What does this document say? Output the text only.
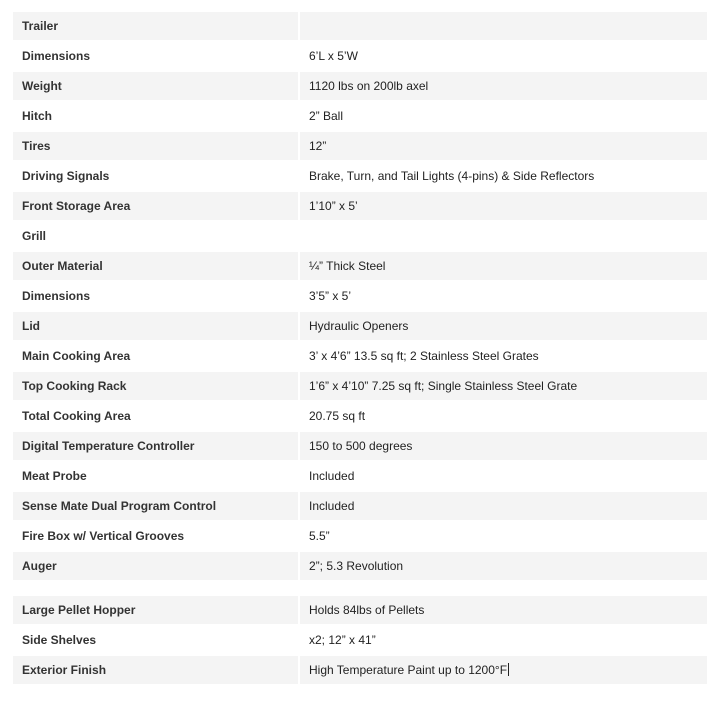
Trailer	
Dimensions	6’L x 5’W
Weight	1120 lbs on 200lb axel
Hitch	2” Ball
Tires	12”
Driving Signals	Brake, Turn, and Tail Lights (4-pins) & Side Reflectors
Front Storage Area	1’10” x 5’
Grill	
Outer Material	¼” Thick Steel
Dimensions	3’5” x 5’
Lid	Hydraulic Openers
Main Cooking Area	3’ x 4’6” 13.5 sq ft; 2 Stainless Steel Grates
Top Cooking Rack	1’6” x 4’10” 7.25 sq ft; Single Stainless Steel Grate
Total Cooking Area	20.75 sq ft
Digital Temperature Controller	150 to 500 degrees
Meat Probe	Included
Sense Mate Dual Program Control	Included
Fire Box w/ Vertical Grooves	5.5”
Auger	2”; 5.3 Revolution

Large Pellet Hopper	Holds 84lbs of Pellets
Side Shelves	x2; 12” x 41”
Exterior Finish	High Temperature Paint up to 1200°F
